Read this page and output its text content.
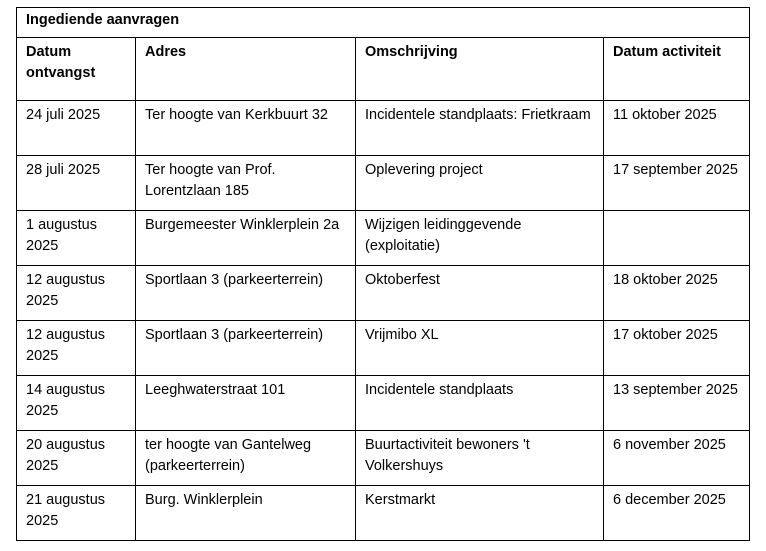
Ingediende aanvragen			
Datum ontvangst	Adres	Omschrijving	Datum activiteit
24 juli 2025	Ter hoogte van Kerkbuurt 32	Incidentele standplaats: Frietkraam	11 oktober 2025
28 juli 2025	Ter hoogte van Prof. Lorentzlaan 185	Oplevering project	17 september 2025
1 augustus 2025	Burgemeester Winklerplein 2a	Wijzigen leidinggevende (exploitatie)	
12 augustus 2025	Sportlaan 3 (parkeerterrein)	Oktoberfest	18 oktober 2025
12 augustus 2025	Sportlaan 3 (parkeerterrein)	Vrijmibo XL	17 oktober 2025
14 augustus 2025	Leeghwaterstraat 101	Incidentele standplaats	13 september 2025
20 augustus 2025	ter hoogte van Gantelweg (parkeerterrein)	Buurtactiviteit bewoners 't Volkershuys	6 november 2025
21 augustus 2025	Burg. Winklerplein	Kerstmarkt	6 december 2025
